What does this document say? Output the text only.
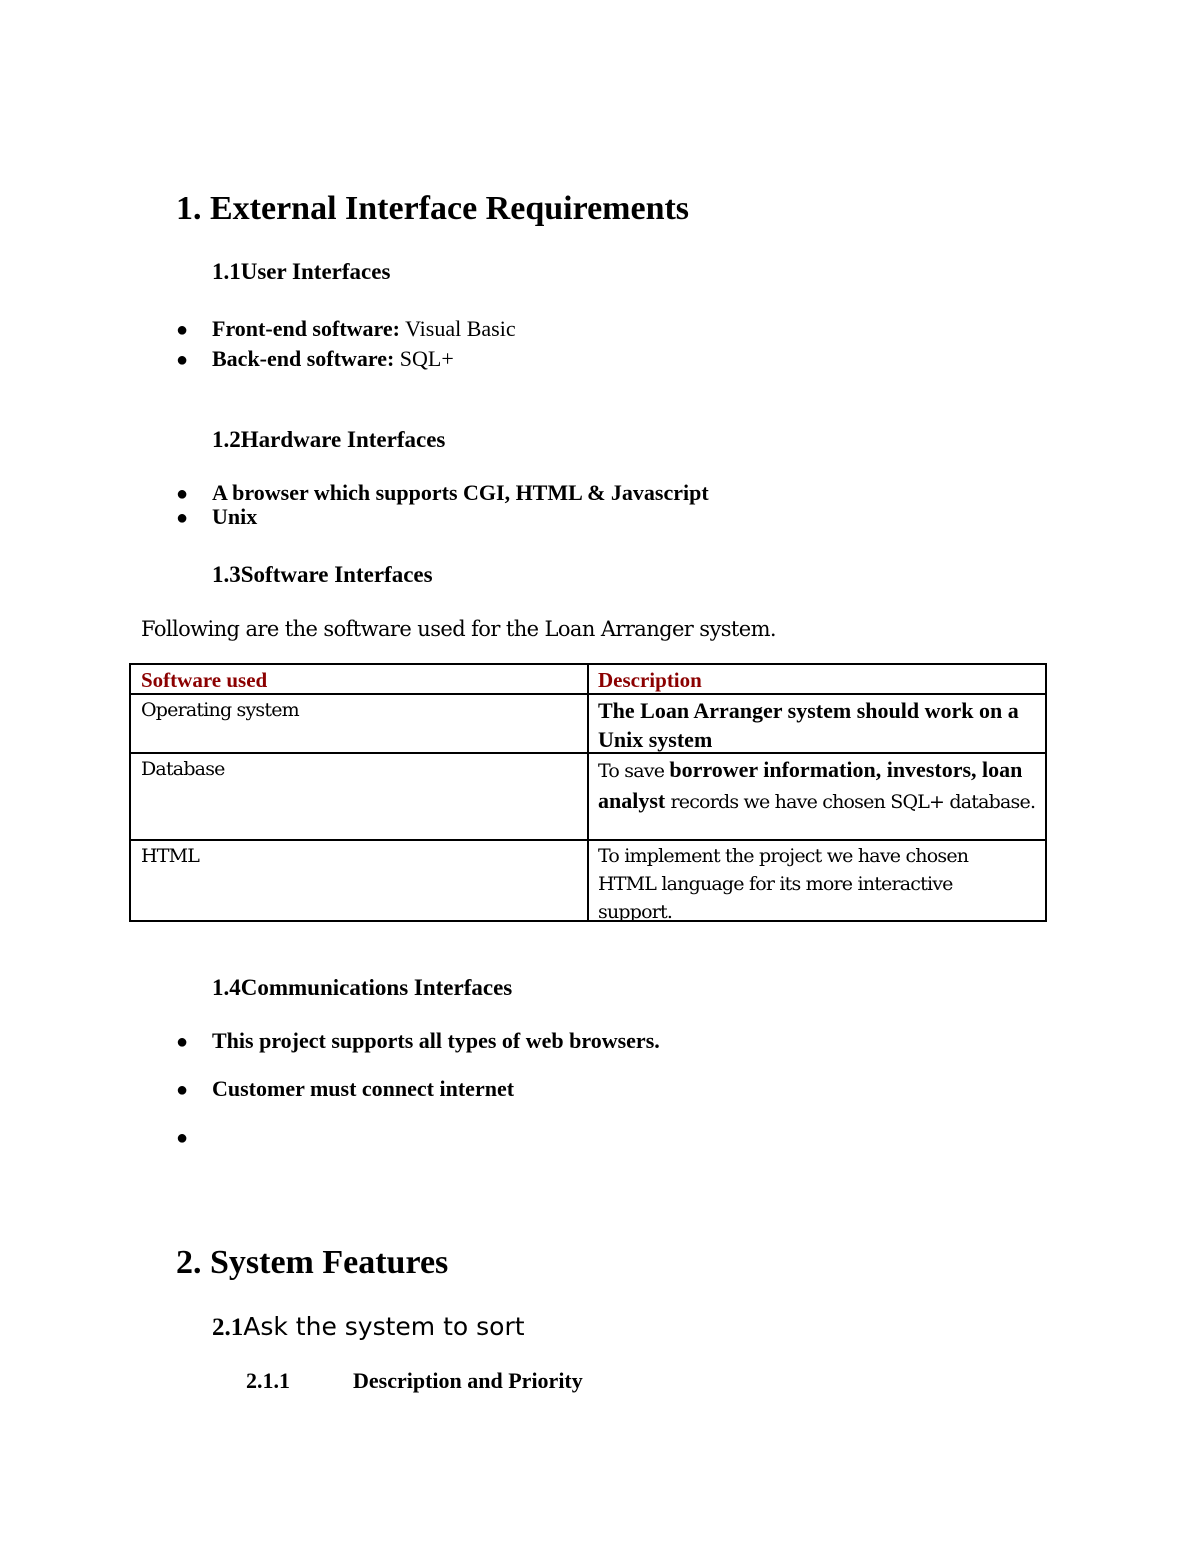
1. External Interface Requirements
1.1User Interfaces
● Front-end software: Visual Basic
● Back-end software: SQL+
1.2Hardware Interfaces
● A browser which supports CGI, HTML & Javascript
● Unix
1.3Software Interfaces
Following are the software used for the Loan Arranger system.
Software used	Description
Operating system	The Loan Arranger system should work on a Unix system
Database	To save borrower information, investors, loan analyst records we have chosen SQL+ database.
HTML	To implement the project we have chosen HTML language for its more interactive support.
1.4Communications Interfaces
● This project supports all types of web browsers.
● Customer must connect internet
●
2. System Features
2.1Ask the system to sort
2.1.1	Description and Priority
